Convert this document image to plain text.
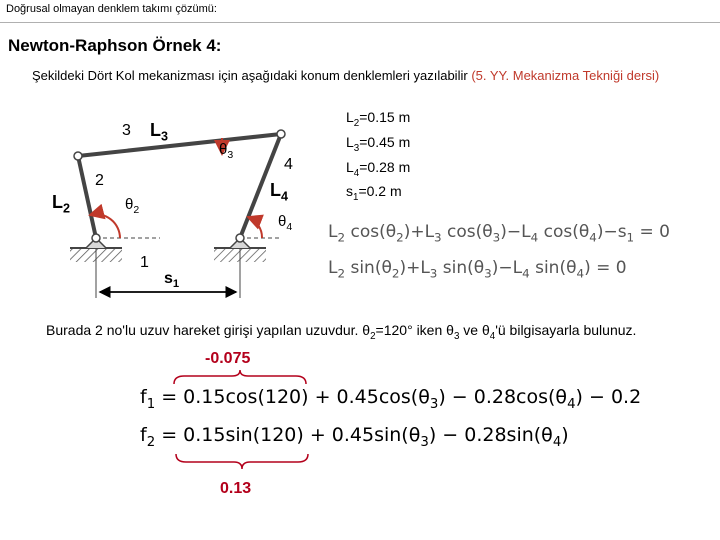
Doğrusal olmayan denklem takımı çözümü:
Newton-Raphson Örnek 4:
Şekildeki Dört Kol mekanizması için aşağıdaki konum denklemleri yazılabilir (5. YY. Mekanizma Tekniği dersi)
$L_2=0.15$ m
$L_3=0.45$ m
$L_4=0.28$ m
$s_1=0.2$ m
$L_2$ $\cos(\theta_2)+L_3$ $\cos(\theta_3)-L_4$ $\cos(\theta_4)-s_1 = 0$
$L_2$ $\sin(\theta_2)+L_3$ $\sin(\theta_3)-L_4$ $\sin(\theta_4) = 0$
3 $L_3$
$\theta_3$
2
$L_2$	$\theta_2$
4
$L_4$
$\theta_4$
1
$s_1$
Burada 2 no'lu uzuv hareket girişi yapılan uzuvdur. $\theta_2=120^\circ$ iken $\theta_3$ ve $\theta_4'ü$ bilgisayarla bulunuz.
-0.075
$f_1 = 0.15\cos(120) + 0.45\cos(\theta_3) - 0.28\cos(\theta_4) - 0.2$
$f_2 = 0.15\sin(120) + 0.45\sin(\theta_3) - 0.28\sin(\theta_4)$
0.13
